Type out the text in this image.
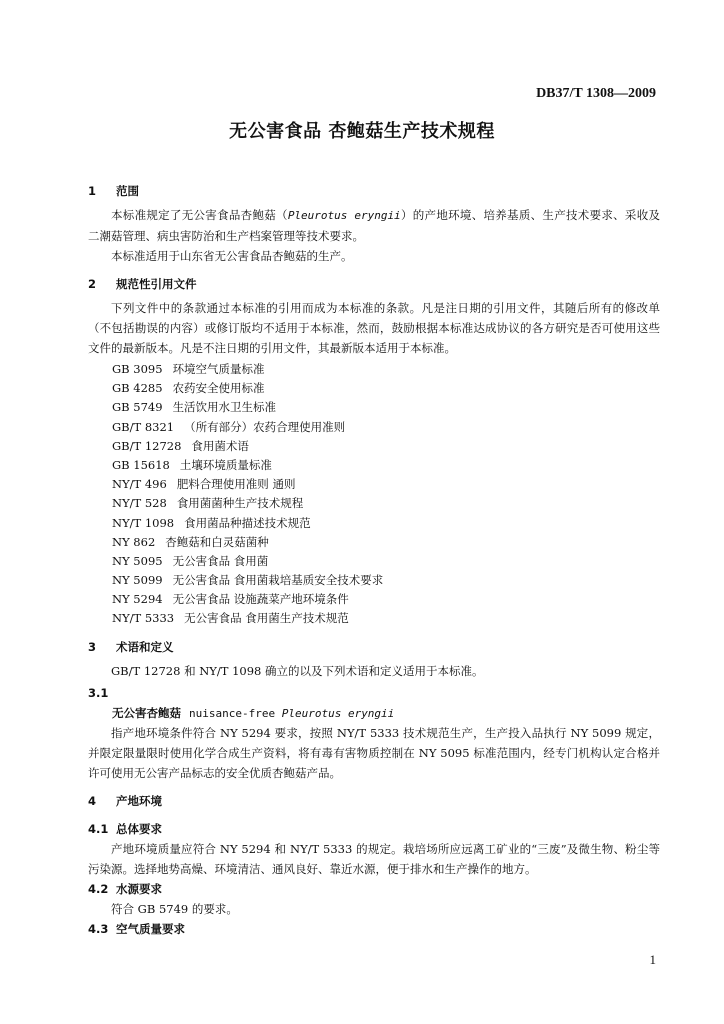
DB37/T 1308—2009
无公害食品 杏鲍菇生产技术规程
1 范围

本标准规定了无公害食品杏鲍菇（Pleurotus eryngii）的产地环境、培养基质、生产技术要求、采收及二潮菇管理、病虫害防治和生产档案管理等技术要求。

本标准适用于山东省无公害食品杏鲍菇的生产。

2 规范性引用文件

下列文件中的条款通过本标准的引用而成为本标准的条款。凡是注日期的引用文件，其随后所有的修改单（不包括勘误的内容）或修订版均不适用于本标准，然而，鼓励根据本标准达成协议的各方研究是否可使用这些文件的最新版本。凡是不注日期的引用文件，其最新版本适用于本标准。

GB 3095 环境空气质量标准
GB 4285 农药安全使用标准
GB 5749 生活饮用水卫生标准
GB/T 8321 （所有部分）农药合理使用准则
GB/T 12728 食用菌术语
GB 15618 土壤环境质量标准
NY/T 496 肥料合理使用准则 通则
NY/T 528 食用菌菌种生产技术规程
NY/T 1098 食用菌品种描述技术规范
NY 862 杏鲍菇和白灵菇菌种
NY 5095 无公害食品 食用菌
NY 5099 无公害食品 食用菌栽培基质安全技术要求
NY 5294 无公害食品 设施蔬菜产地环境条件
NY/T 5333 无公害食品 食用菌生产技术规范
3 术语和定义

GB/T 12728 和 NY/T 1098 确立的以及下列术语和定义适用于本标准。

3.1
无公害杏鲍菇 nuisance-free Pleurotus eryngii

指产地环境条件符合 NY 5294 要求，按照 NY/T 5333 技术规范生产，生产投入品执行 NY 5099 规定，并限定限量限时使用化学合成生产资料，将有毒有害物质控制在 NY 5095 标准范围内，经专门机构认定合格并许可使用无公害产品标志的安全优质杏鲍菇产品。

4 产地环境
4.1 总体要求

产地环境质量应符合 NY 5294 和 NY/T 5333 的规定。栽培场所应远离工矿业的“三废”及微生物、粉尘等污染源。选择地势高燥、环境清洁、通风良好、靠近水源，便于排水和生产操作的地方。

4.2 水源要求

符合 GB 5749 的要求。

4.3 空气质量要求
1
